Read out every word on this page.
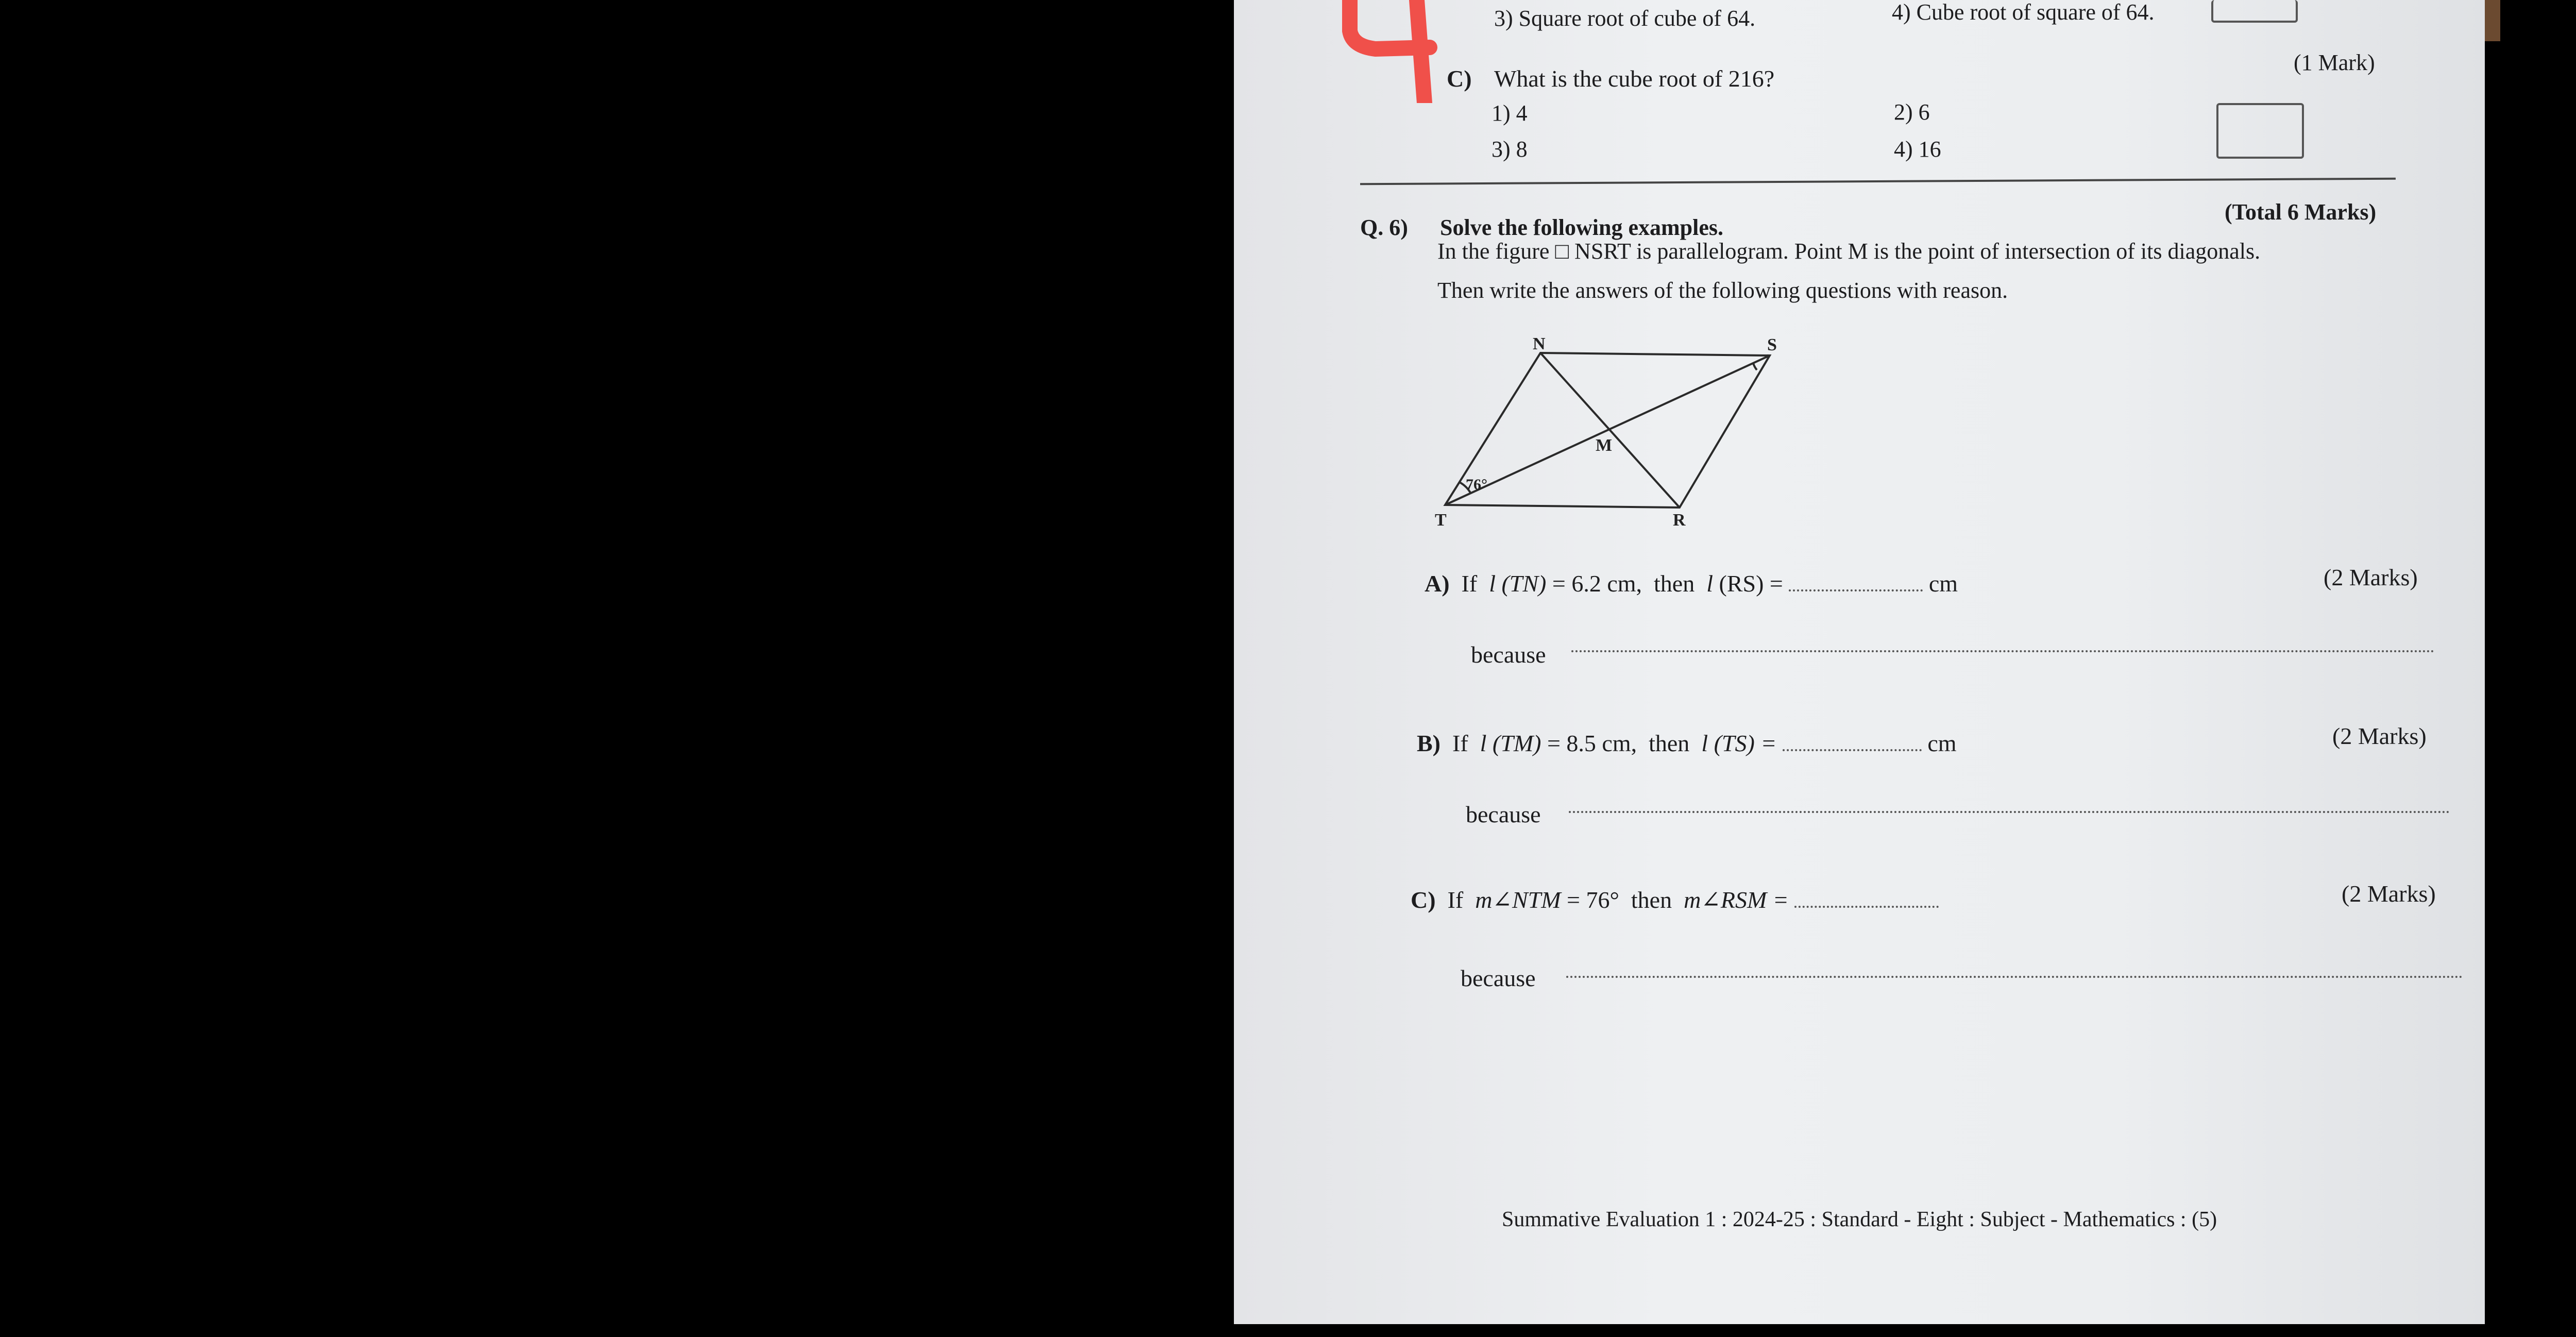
3) Square root of cube of 64.	4) Cube root of square of 64.
C) What is the cube root of 216?
(1 Mark)
1) 4	2) 6
3) 8	4) 16
Q. 6) Solve the following examples.
(Total 6 Marks)
In the figure □ NSRT is parallelogram. Point M is the point of intersection of its diagonals.
Then write the answers of the following questions with reason.
N	S
M
T	R
76°
A) If l (TN) = 6.2 cm, then l (RS) =	cm	(2 Marks)
because
B) If l (TM) = 8.5 cm, then l (TS) =	cm	(2 Marks)
because
C) If m∠NTM = 76° then m∠RSM =	(2 Marks)
because
Summative Evaluation 1 : 2024-25 : Standard - Eight : Subject - Mathematics : (5)
